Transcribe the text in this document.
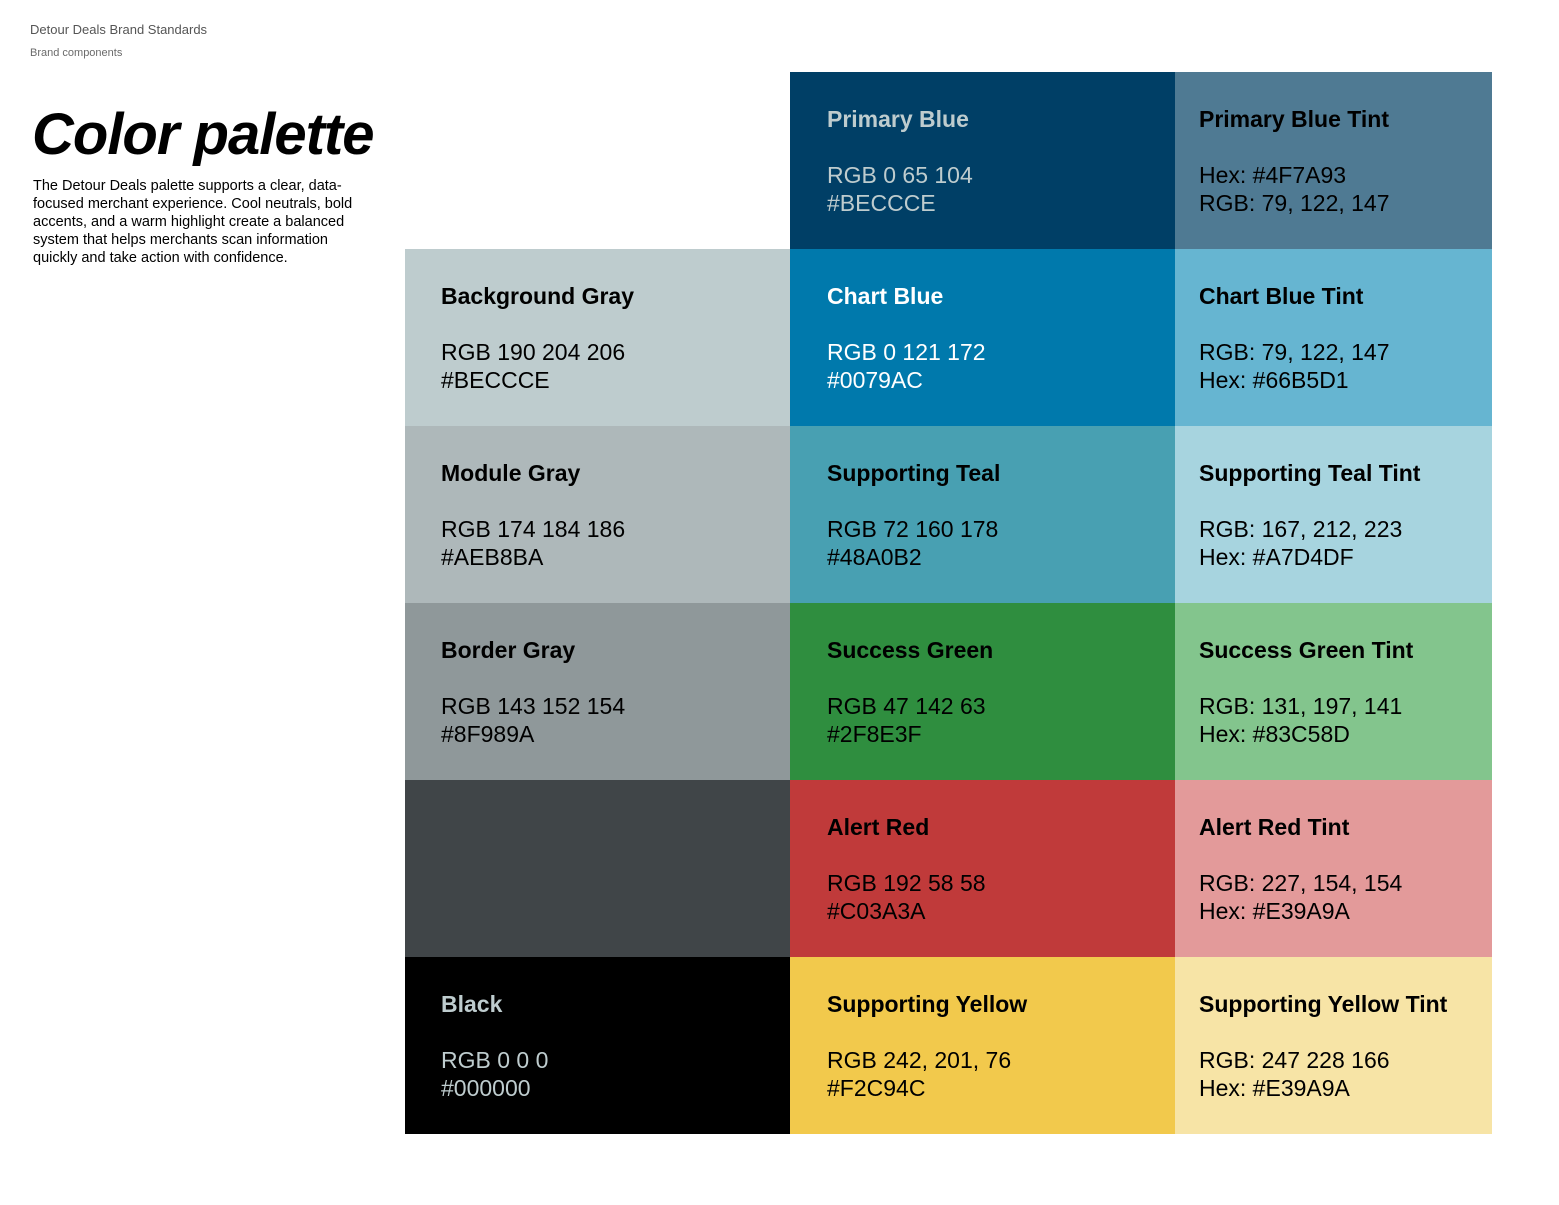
Detour Deals Brand Standards
Brand components
Color palette

The Detour Deals palette supports a clear, data-focused merchant experience. Cool neutrals, bold accents, and a warm highlight create a balanced system that helps merchants scan information quickly and take action with confidence.

Primary Blue
RGB 0 65 104
#BECCCE
Primary Blue Tint
Hex: #4F7A93
RGB: 79, 122, 147
Background Gray
RGB 190 204 206
#BECCCE
Chart Blue
RGB 0 121 172
#0079AC
Chart Blue Tint
RGB: 79, 122, 147
Hex: #66B5D1
Module Gray
RGB 174 184 186
#AEB8BA
Supporting Teal
RGB 72 160 178
#48A0B2
Supporting Teal Tint
RGB: 167, 212, 223
Hex: #A7D4DF
Border Gray
RGB 143 152 154
#8F989A
Success Green
RGB 47 142 63
#2F8E3F
Success Green Tint
RGB: 131, 197, 141
Hex: #83C58D
Alert Red
RGB 192 58 58
#C03A3A
Alert Red Tint
RGB: 227, 154, 154
Hex: #E39A9A
Black
RGB 0 0 0
#000000
Supporting Yellow
RGB 242, 201, 76
#F2C94C
Supporting Yellow Tint
RGB: 247 228 166
Hex: #E39A9A
